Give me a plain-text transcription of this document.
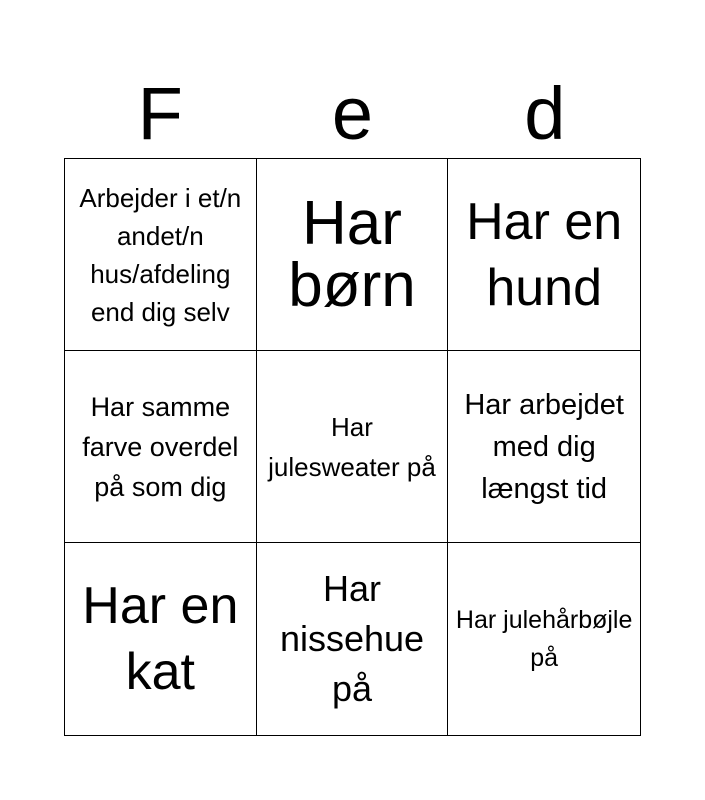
F	e	d
Arbejder i et/n andet/n hus/afdeling end dig selv
Har børn
Har en hund
Har samme farve overdel på som dig
Har julesweater på
Har arbejdet med dig længst tid
Har en kat
Har nissehue på
Har julehårbøjle på
